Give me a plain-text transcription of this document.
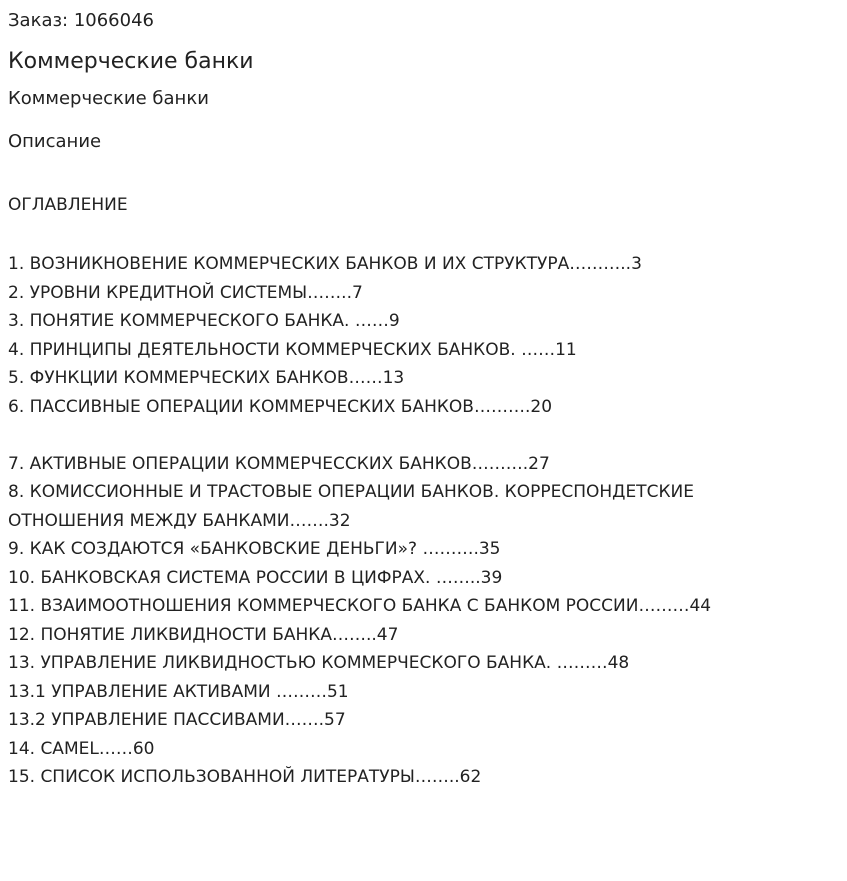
Заказ: 1066046
Коммерческие банки
Коммерческие банки
Описание
ОГЛАВЛЕНИЕ
1. ВОЗНИКНОВЕНИЕ КОММЕРЧЕСКИХ БАНКОВ И ИХ СТРУКТУРА………..3
2. УРОВНИ КРЕДИТНОЙ СИСТЕМЫ……..7
3. ПОНЯТИЕ КОММЕРЧЕСКОГО БАНКА. ……9
4. ПРИНЦИПЫ ДЕЯТЕЛЬНОСТИ КОММЕРЧЕСКИХ БАНКОВ. ……11
5. ФУНКЦИИ КОММЕРЧЕСКИХ БАНКОВ……13
6. ПАССИВНЫЕ ОПЕРАЦИИ КОММЕРЧЕСКИХ БАНКОВ……….20
7. АКТИВНЫЕ ОПЕРАЦИИ КОММЕРЧЕССКИХ БАНКОВ……….27
8. КОМИССИОННЫЕ И ТРАСТОВЫЕ ОПЕРАЦИИ БАНКОВ. КОРРЕСПОНДЕТСКИЕ ОТНОШЕНИЯ МЕЖДУ БАНКАМИ…….32
9. КАК СОЗДАЮТСЯ «БАНКОВСКИЕ ДЕНЬГИ»? ……….35
10. БАНКОВСКАЯ СИСТЕМА РОССИИ В ЦИФРАХ. ……..39
11. ВЗАИМООТНОШЕНИЯ КОММЕРЧЕСКОГО БАНКА С БАНКОМ РОССИИ………44
12. ПОНЯТИЕ ЛИКВИДНОСТИ БАНКА……..47
13. УПРАВЛЕНИЕ ЛИКВИДНОСТЬЮ КОММЕРЧЕСКОГО БАНКА. ………48
13.1 УПРАВЛЕНИЕ АКТИВАМИ ………51
13.2 УПРАВЛЕНИЕ ПАССИВАМИ…….57
14. CAMEL……60
15. СПИСОК ИСПОЛЬЗОВАННОЙ ЛИТЕРАТУРЫ……..62
